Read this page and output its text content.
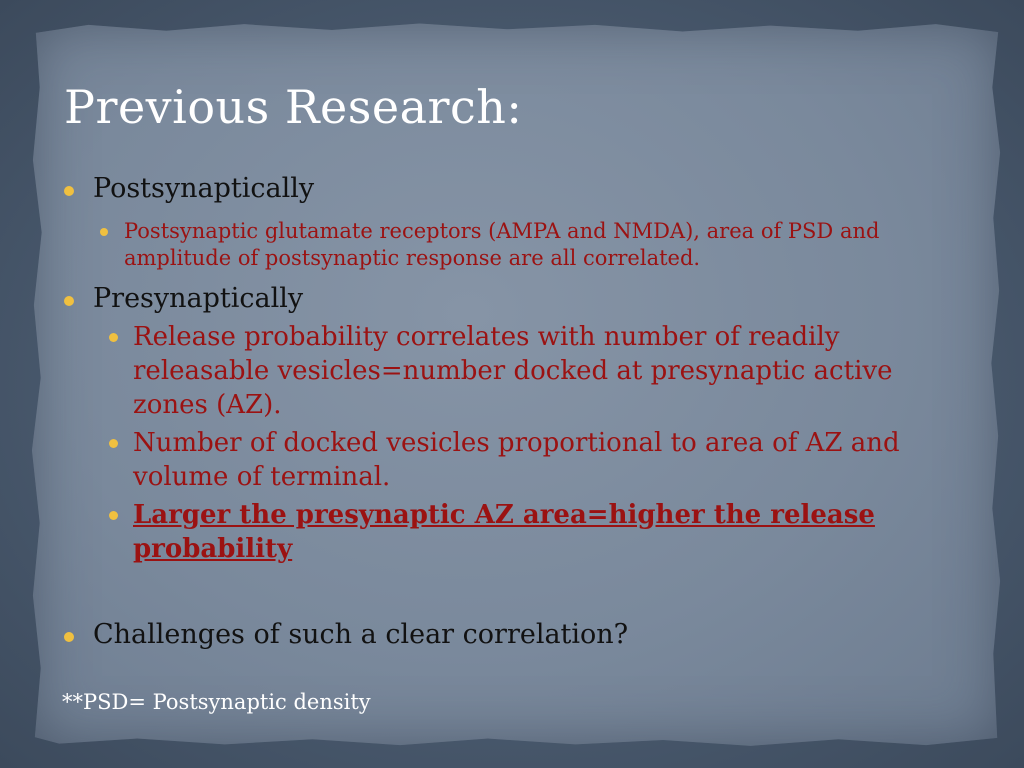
Previous Research:

Postsynaptically

Postsynaptic glutamate receptors (AMPA and NMDA), area of PSD and amplitude of postsynaptic response are all correlated.

Presynaptically

Release probability correlates with number of readily releasable vesicles=number docked at presynaptic active zones (AZ).

Number of docked vesicles proportional to area of AZ and volume of terminal.

Larger the presynaptic AZ area=higher the release probability

Challenges of such a clear correlation?

**PSD= Postsynaptic density
